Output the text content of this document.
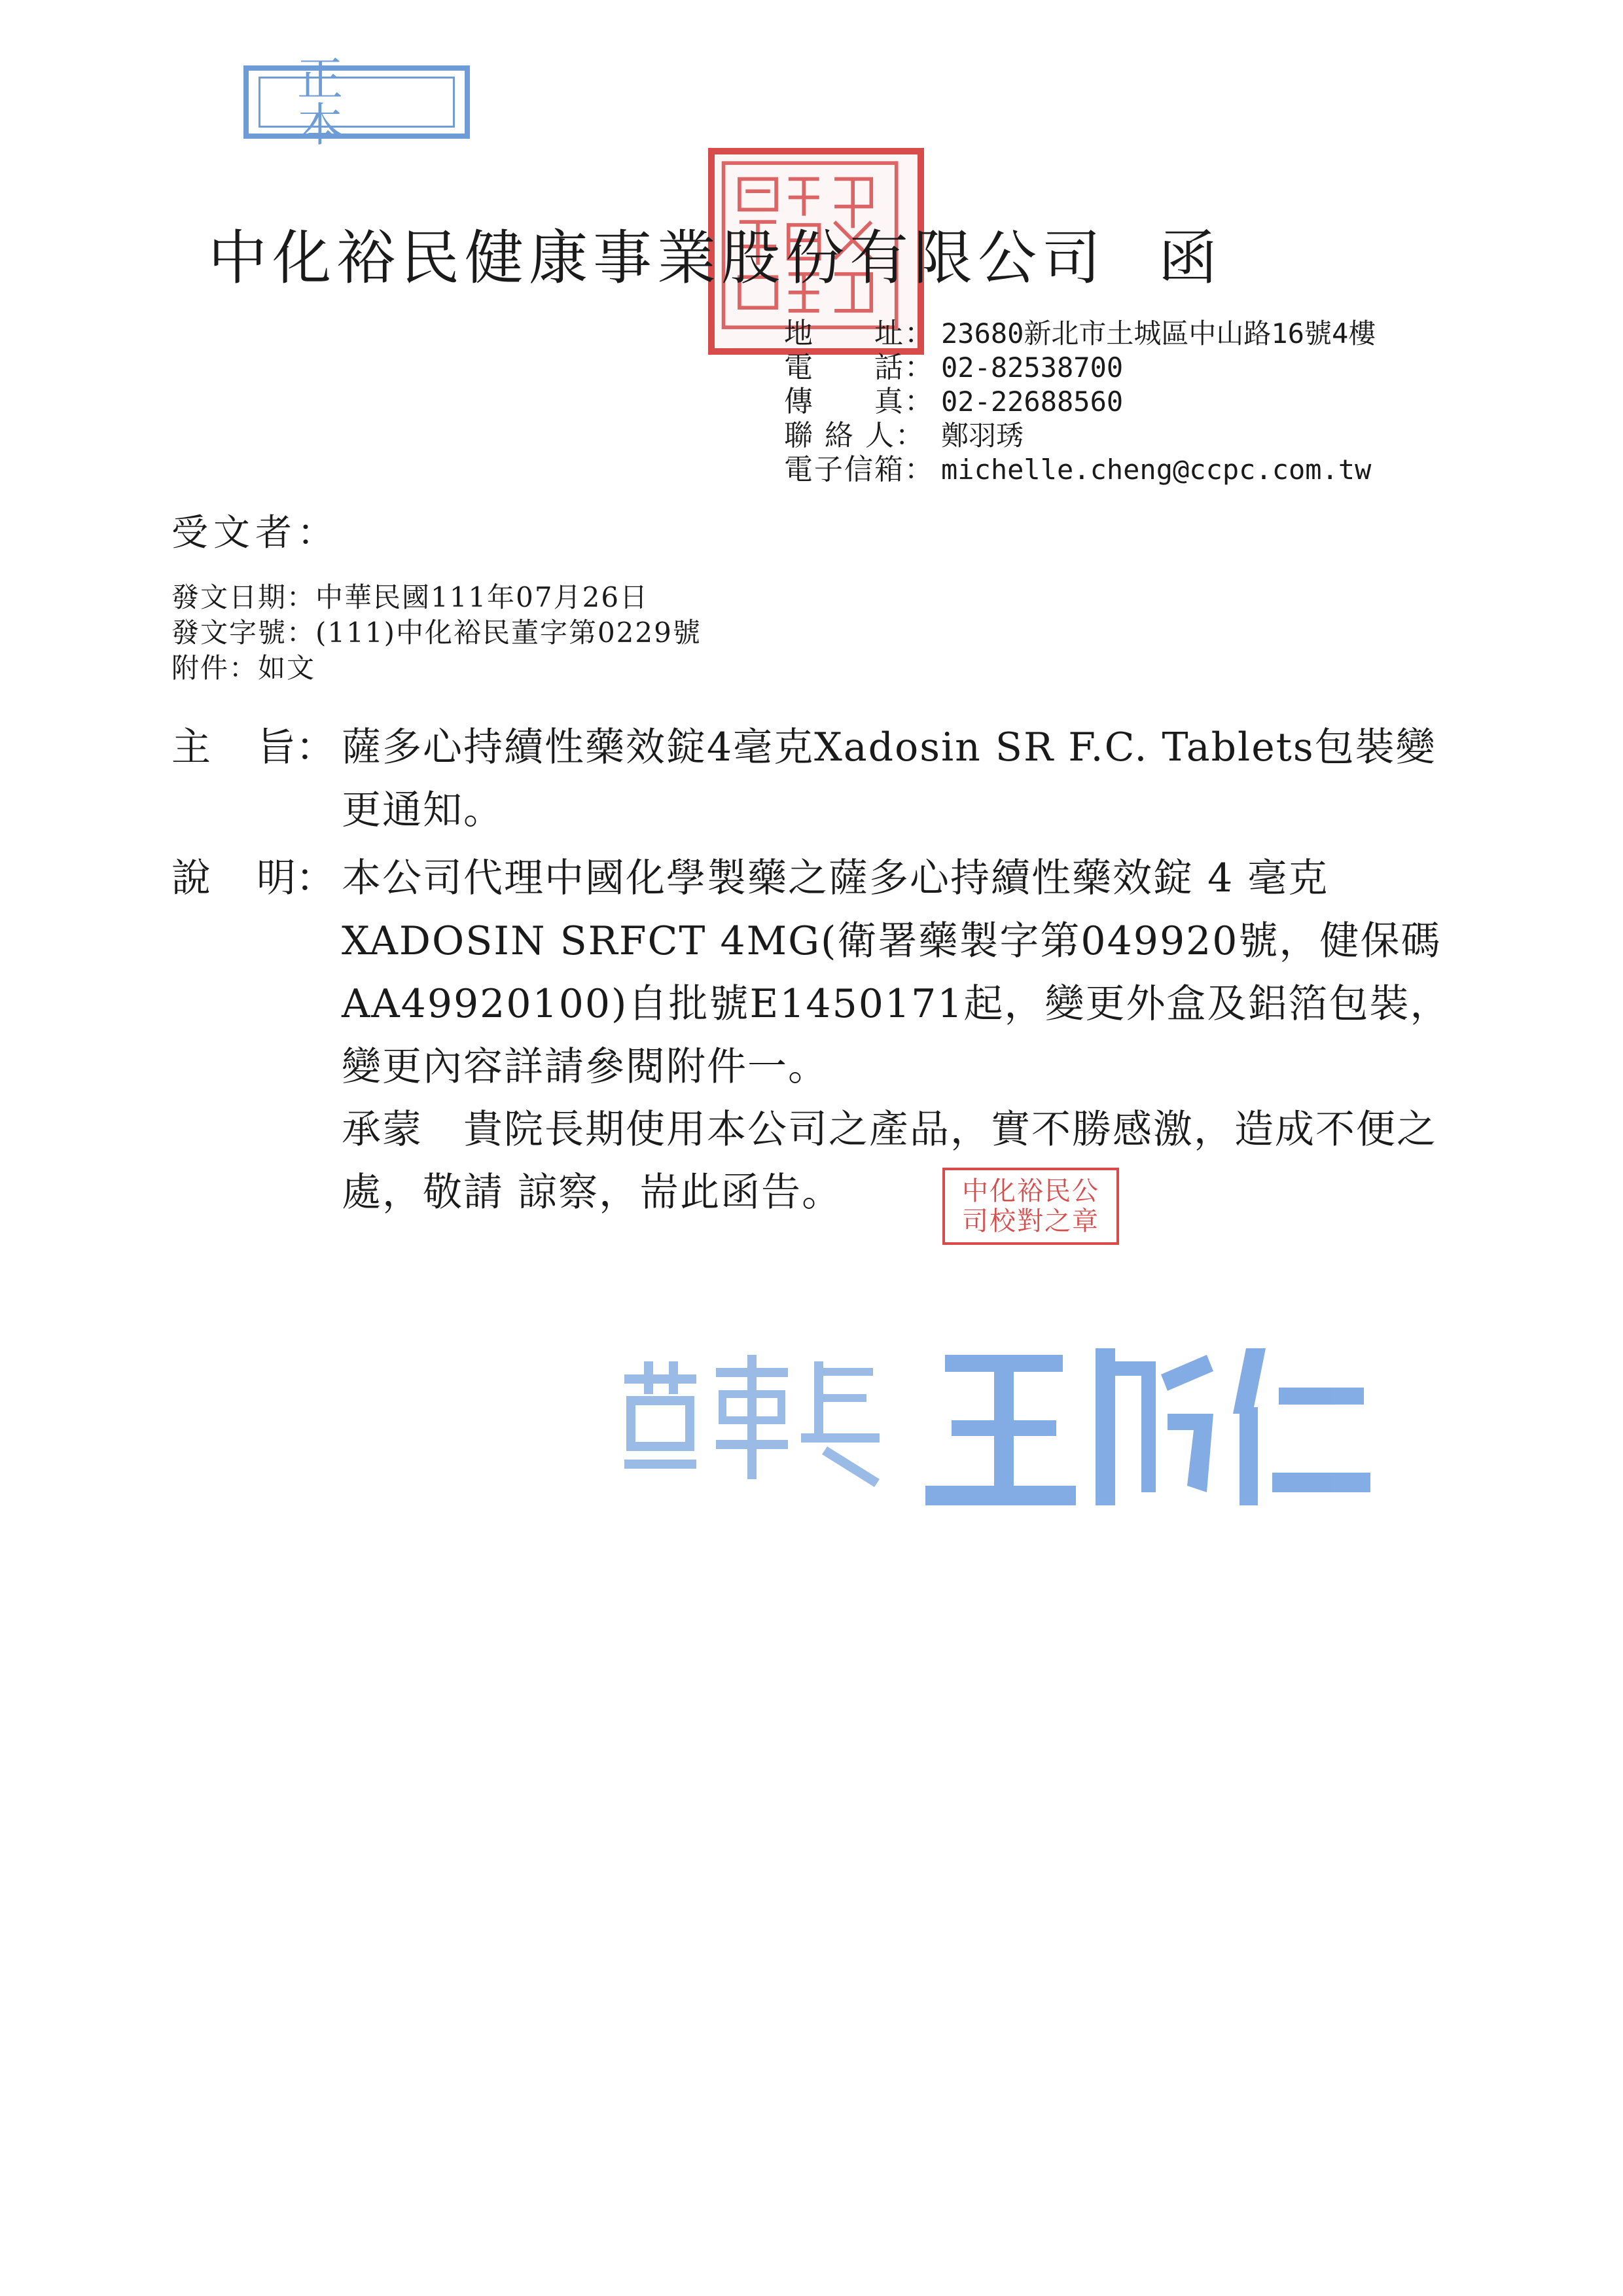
正本
中化裕民健康事業股份有限公司 函
地　　址： 23680新北市土城區中山路16號4樓
電　　話： 02-82538700
傳　　真： 02-22688560
聯 絡 人： 鄭羽琇
電子信箱： michelle.cheng@ccpc.com.tw
受文者：
發文日期：中華民國111年07月26日
發文字號：(111)中化裕民董字第0229號
附件：如文
主 旨： 薩多心持續性藥效錠4毫克Xadosin SR F.C. Tablets包裝變更通知。
說 明： 本公司代理中國化學製藥之薩多心持續性藥效錠 4 毫克 XADOSIN SRFCT 4MG(衛署藥製字第049920號，健保碼AA49920100)自批號E1450171起，變更外盒及鋁箔包裝，變更內容詳請參閱附件一。
承蒙　貴院長期使用本公司之產品，實不勝感激，造成不便之處，敬請 諒察，耑此函告。	中化裕民公
司校對之章
